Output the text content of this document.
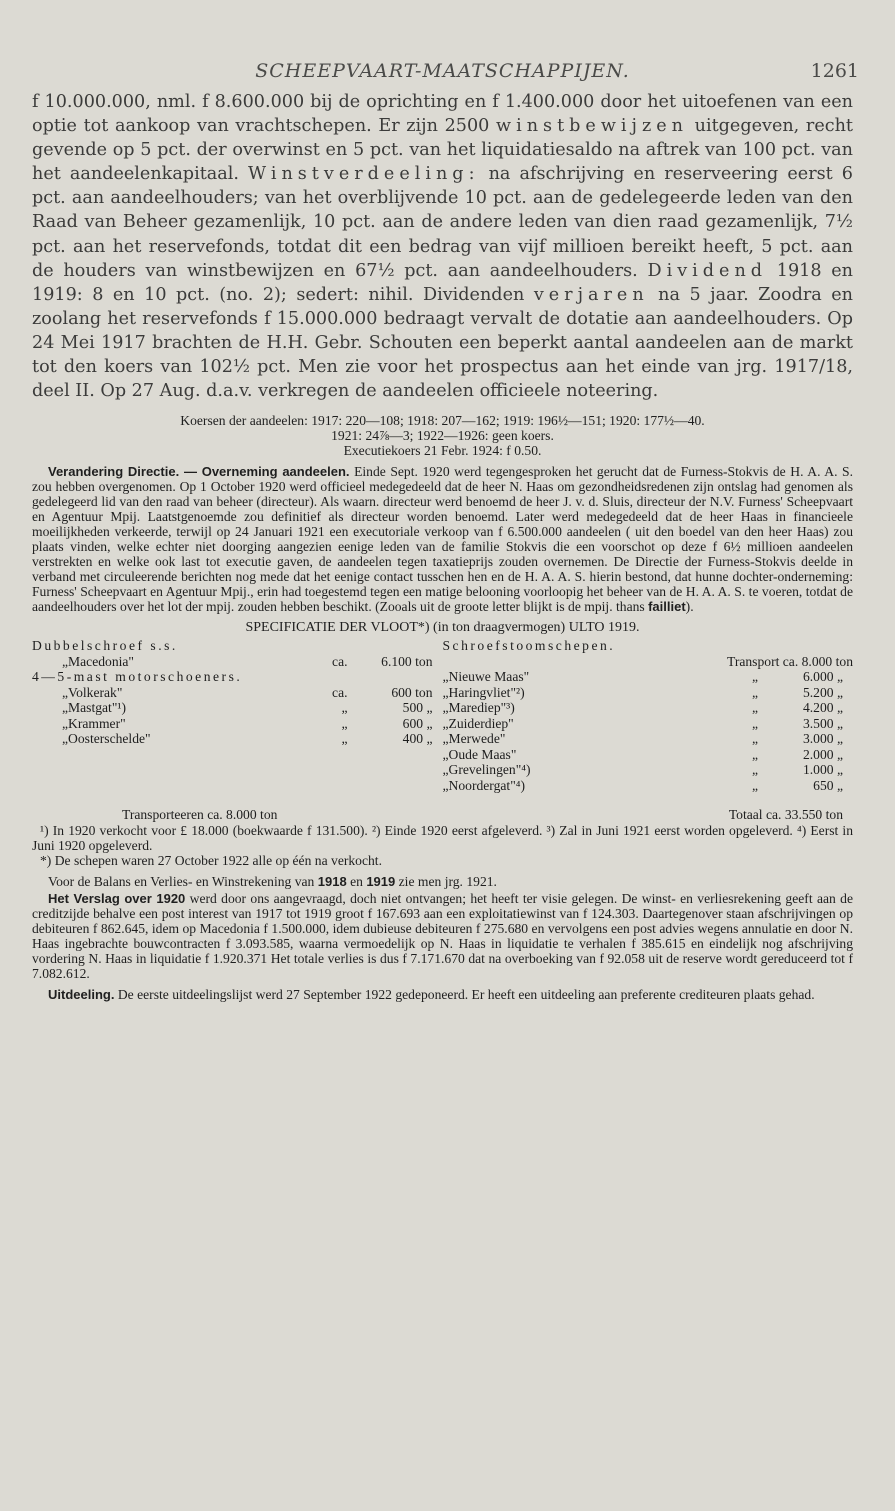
SCHEEPVAART-MAATSCHAPPIJEN.	1261

f 10.000.000, nml. f 8.600.000 bij de oprichting en f 1.400.000 door het uitoefenen van een optie tot aankoop van vrachtschepen. Er zijn 2500 winstbewijzen uitgegeven, recht gevende op 5 pct. der overwinst en 5 pct. van het liquidatiesaldo na aftrek van 100 pct. van het aandeelenkapitaal. Winstverdeeling: na afschrijving en reserveering eerst 6 pct. aan aandeelhouders; van het overblijvende 10 pct. aan de gedelegeerde leden van den Raad van Beheer gezamenlijk, 10 pct. aan de andere leden van dien raad gezamenlijk, 7½ pct. aan het reservefonds, totdat dit een bedrag van vijf millioen bereikt heeft, 5 pct. aan de houders van winstbewijzen en 67½ pct. aan aandeelhouders. Dividend 1918 en 1919: 8 en 10 pct. (no. 2); sedert: nihil. Dividenden verjaren na 5 jaar. Zoodra en zoolang het reservefonds f 15.000.000 bedraagt vervalt de dotatie aan aandeelhouders. Op 24 Mei 1917 brachten de H.H. Gebr. Schouten een beperkt aantal aandeelen aan de markt tot den koers van 102½ pct. Men zie voor het prospectus aan het einde van jrg. 1917/18, deel II. Op 27 Aug. d.a.v. verkregen de aandeelen officieele noteering.

Koersen der aandeelen: 1917: 220—108; 1918: 207—162; 1919: 196½—151; 1920: 177½—40.

1921: 24⅞—3; 1922—1926: geen koers.

Executiekoers 21 Febr. 1924: f 0.50.

Verandering Directie. — Overneming aandeelen. Einde Sept. 1920 werd tegengesproken het gerucht dat de Furness-Stokvis de H. A. A. S. zou hebben overgenomen. Op 1 October 1920 werd officieel medegedeeld dat de heer N. Haas om gezondheidsredenen zijn ontslag had genomen als gedelegeerd lid van den raad van beheer (directeur). Als waarn. directeur werd benoemd de heer J. v. d. Sluis, directeur der N.V. Furness' Scheepvaart en Agentuur Mpij. Laatstgenoemde zou definitief als directeur worden benoemd. Later werd medegedeeld dat de heer Haas in financieele moeilijkheden verkeerde, terwijl op 24 Januari 1921 een executoriale verkoop van f 6.500.000 aandeelen ( uit den boedel van den heer Haas) zou plaats vinden, welke echter niet doorging aangezien eenige leden van de familie Stokvis die een voorschot op deze f 6½ millioen aandeelen verstrekten en welke ook last tot executie gaven, de aandeelen tegen taxatieprijs zouden overnemen. De Directie der Furness-Stokvis deelde in verband met circuleerende berichten nog mede dat het eenige contact tusschen hen en de H. A. A. S. hierin bestond, dat hunne dochter-onderneming: Furness' Scheepvaart en Agentuur Mpij., erin had toegestemd tegen een matige belooning voorloopig het beheer van de H. A. A. S. te voeren, totdat de aandeelhouders over het lot der mpij. zouden hebben beschikt. (Zooals uit de groote letter blijkt is de mpij. thans failliet).

SPECIFICATIE DER VLOOT*) (in ton draagvermogen) ULTO 1919.
Dubbelschroef s.s.
„Macedonia"	ca.	6.100 ton
4—5-mast motorschoeners.
„Volkerak"	ca.	600 ton
„Mastgat"¹)	„	500 „
„Krammer"	„	600 „
„Oosterschelde"	„	400 „
Schroefstoomschepen.
Transport ca. 8.000 ton
„Nieuwe Maas"	„	6.000 „
„Haringvliet"²)	„	5.200 „
„Marediep"³)	„	4.200 „
„Zuiderdiep"	„	3.500 „
„Merwede"	„	3.000 „
„Oude Maas"	„	2.000 „
„Grevelingen"⁴)	„	1.000 „
„Noordergat"⁴)	„	650 „
Transporteeren ca. 8.000 ton	Totaal ca. 33.550 ton

¹) In 1920 verkocht voor £ 18.000 (boekwaarde f 131.500). ²) Einde 1920 eerst afgeleverd. ³) Zal in Juni 1921 eerst worden opgeleverd. ⁴) Eerst in Juni 1920 opgeleverd.

*) De schepen waren 27 October 1922 alle op één na verkocht.

Voor de Balans en Verlies- en Winstrekening van 1918 en 1919 zie men jrg. 1921.

Het Verslag over 1920 werd door ons aangevraagd, doch niet ontvangen; het heeft ter visie gelegen. De winst- en verliesrekening geeft aan de creditzijde behalve een post interest van 1917 tot 1919 groot f 167.693 aan een exploitatiewinst van f 124.303. Daartegenover staan afschrijvingen op debiteuren f 862.645, idem op Macedonia f 1.500.000, idem dubieuse debiteuren f 275.680 en vervolgens een post advies wegens annulatie en door N. Haas ingebrachte bouwcontracten f 3.093.585, waarna vermoedelijk op N. Haas in liquidatie te verhalen f 385.615 en eindelijk nog afschrijving vordering N. Haas in liquidatie f 1.920.371 Het totale verlies is dus f 7.171.670 dat na overboeking van f 92.058 uit de reserve wordt gereduceerd tot f 7.082.612.

Uitdeeling. De eerste uitdeelingslijst werd 27 September 1922 gedeponeerd. Er heeft een uitdeeling aan preferente crediteuren plaats gehad.
